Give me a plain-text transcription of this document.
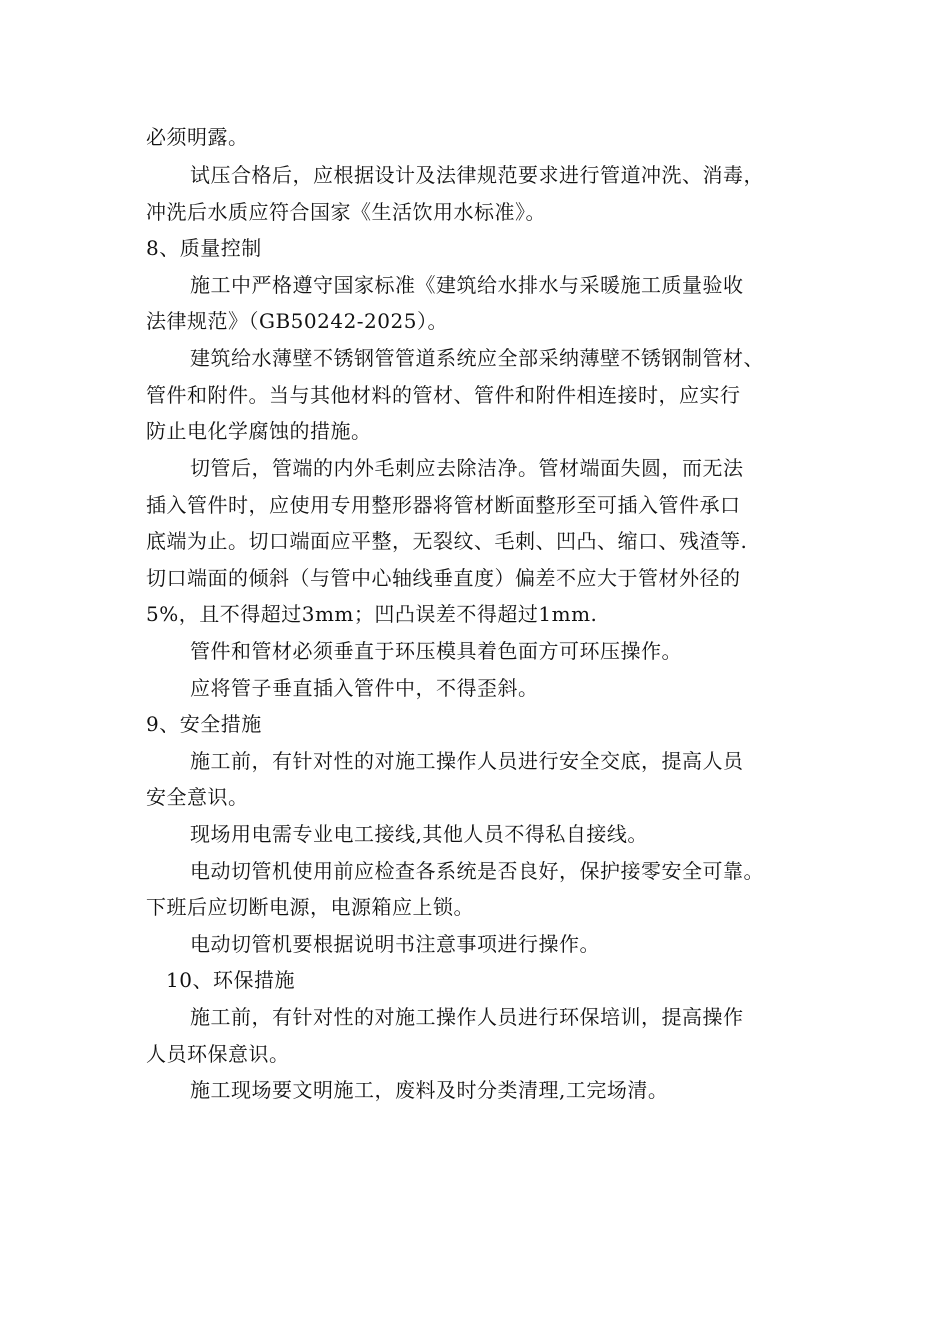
必须明露。
试压合格后，应根据设计及法律规范要求进行管道冲洗、消毒，
冲洗后水质应符合国家《生活饮用水标准》。
8、质量控制
施工中严格遵守国家标准《建筑给水排水与采暖施工质量验收
法律规范》（GB50242-2025）。
建筑给水薄壁不锈钢管管道系统应全部采纳薄壁不锈钢制管材、
管件和附件。当与其他材料的管材、管件和附件相连接时，应实行
防止电化学腐蚀的措施。
切管后，管端的内外毛刺应去除洁净。管材端面失圆，而无法
插入管件时，应使用专用整形器将管材断面整形至可插入管件承口
底端为止。切口端面应平整，无裂纹、毛刺、凹凸、缩口、残渣等.
切口端面的倾斜（与管中心轴线垂直度）偏差不应大于管材外径的
5%，且不得超过3mm；凹凸误差不得超过1mm.
管件和管材必须垂直于环压模具着色面方可环压操作。
应将管子垂直插入管件中，不得歪斜。
9、安全措施
施工前，有针对性的对施工操作人员进行安全交底，提高人员
安全意识。
现场用电需专业电工接线,其他人员不得私自接线。
电动切管机使用前应检查各系统是否良好，保护接零安全可靠。
下班后应切断电源，电源箱应上锁。
电动切管机要根据说明书注意事项进行操作。
10、环保措施
施工前，有针对性的对施工操作人员进行环保培训，提高操作
人员环保意识。
施工现场要文明施工，废料及时分类清理,工完场清。
